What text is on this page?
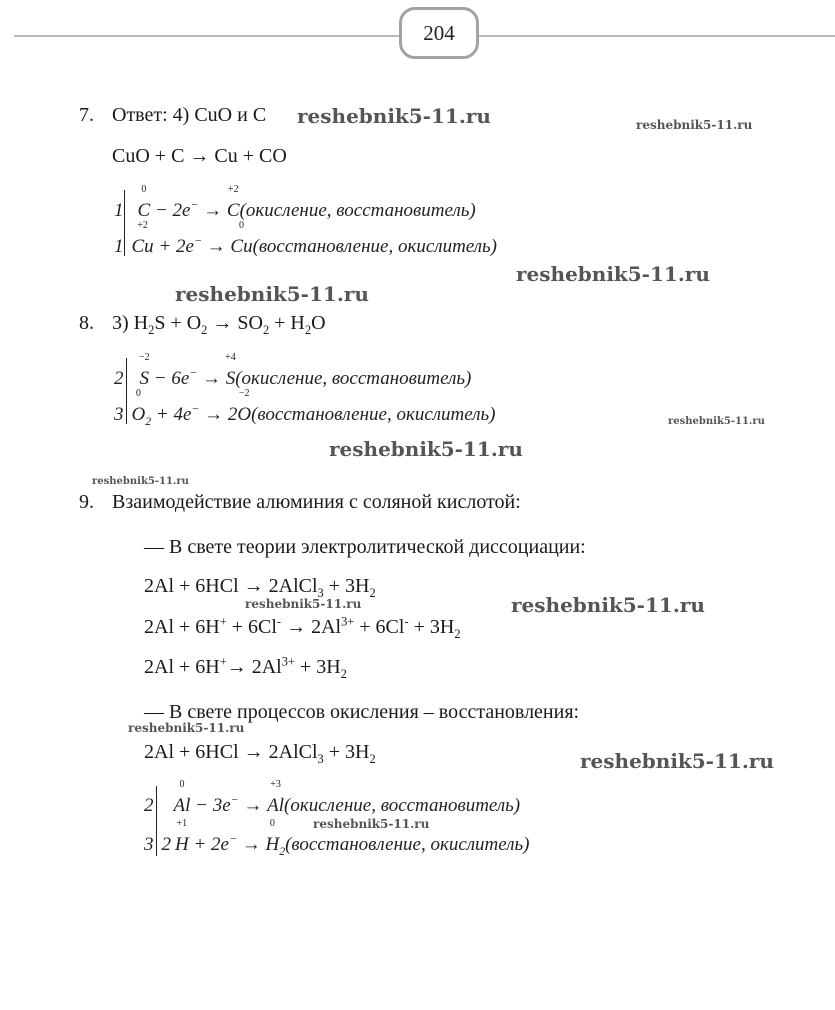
204
7. Ответ: 4) CuO и C
CuO + C → Cu + CO
1
0
C − 2e− →
+2
C(окисление, восстановитель)
1
+2
Cu + 2e− →
0
Cu(восстановление, окислитель)
8. 3) $H_2S + O_2 \to SO_2 + H_2O$
2
−2
S − 6e− →
+4
S(окисление, восстановитель)
3
0
$O_2 + 4e^- \to 2$
−2
O(восстановление, окислитель)
9. Взаимодействие алюминия с соляной кислотой:
— В свете теории электролитической диссоциации:
2Al + 6HCl → 2AlCl$_3$ + $3H_2$
$2Al + 6H^+ + 6Cl^- \to 2Al^{3+} + 6Cl^- + 3H_2$
$2Al + 6H^+\to 2Al^{3+} + 3H_2$
— В свете процессов окисления – восстановления:
2Al + 6HCl → 2AlCl$_3$ + $3H_2$
2
0
Al − 3e− →
+3
Al(окисление, восстановитель)
3 2
+1
H + 2e− →
0
$H_2(восстановление$, окислитель)
reshebnik5-11.ru	reshebnik5-11.ru
reshebnik5-11.ru
reshebnik5-11.ru
reshebnik5-11.ru
reshebnik5-11.ru
reshebnik5-11.ru
reshebnik5-11.ru	reshebnik5-11.ru
reshebnik5-11.ru
reshebnik5-11.ru
reshebnik5-11.ru
